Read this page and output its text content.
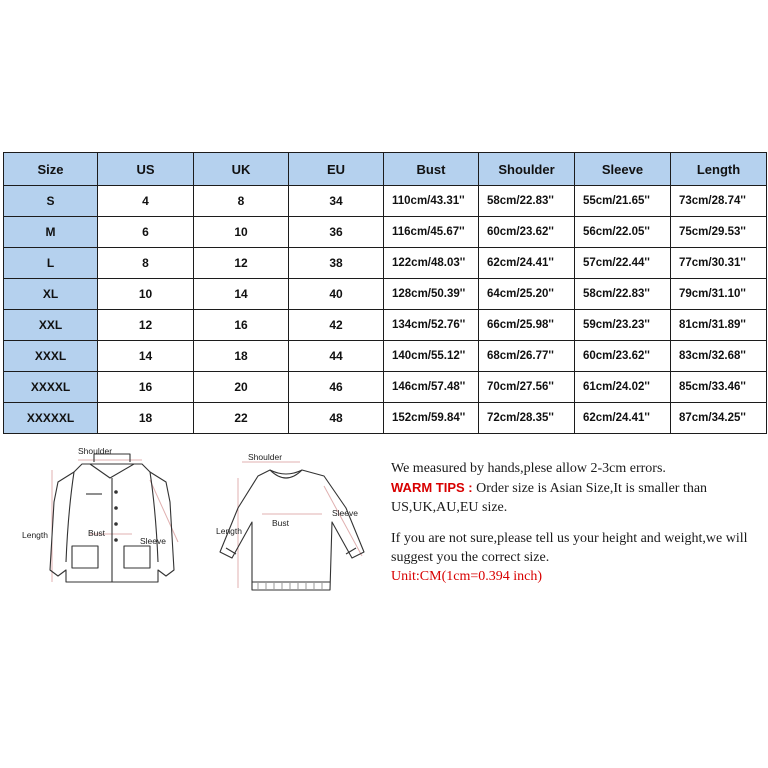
Size	US	UK	EU	Bust	Shoulder	Sleeve	Length
S	4	8	34	110cm/43.31''	58cm/22.83''	55cm/21.65''	73cm/28.74''
M	6	10	36	116cm/45.67''	60cm/23.62''	56cm/22.05''	75cm/29.53''
L	8	12	38	122cm/48.03''	62cm/24.41''	57cm/22.44''	77cm/30.31''
XL	10	14	40	128cm/50.39''	64cm/25.20''	58cm/22.83''	79cm/31.10''
XXL	12	16	42	134cm/52.76''	66cm/25.98''	59cm/23.23''	81cm/31.89''
XXXL	14	18	44	140cm/55.12''	68cm/26.77''	60cm/23.62''	83cm/32.68''
XXXXL	16	20	46	146cm/57.48''	70cm/27.56''	61cm/24.02''	85cm/33.46''
XXXXXL	18	22	48	152cm/59.84''	72cm/28.35''	62cm/24.41''	87cm/34.25''
Shoulder
Length	Bust
Sleeve
Shoulder
Length
Bust
Sleeve

We measured by hands,plese allow 2-3cm errors.

WARM TIPS : Order size is Asian Size,It is smaller than US,UK,AU,EU size.

If you are not sure,please tell us your height and weight,we will suggest you the correct size.

Unit:CM(1cm=0.394 inch)
